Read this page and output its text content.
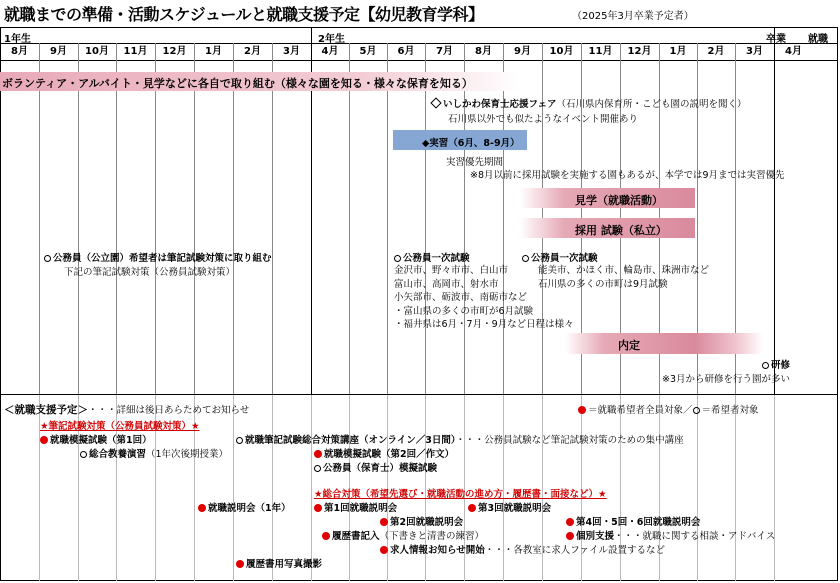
就職までの準備・活動スケジュールと就職支援予定【幼児教育学科】	（2025年3月卒業予定者）
1年生	2年生	卒業 就職
8月	9月	10月	11月	12月	1月	2月	3月	4月	5月	6月	7月	8月	9月	10月	11月	12月	1月	2月	3月	4月
ボランティア・アルバイト・見学などに各自で取り組む（様々な園を知る・様々な保育を知る）
いしかわ保育士応援フェア（石川県内保育所・こども園の説明を聞く）
石川県以外でも似たようなイベント開催あり
◆実習（6月、8-9月）
実習優先期間
※8月以前に採用試験を実施する園もあるが、本学では9月までは実習優先
見学（就職活動）
採用 試験（私立）
公務員（公立園）希望者は筆記試験対策に取り組む
下記の筆記試験対策（公務員試験対策）
公務員一次試験
金沢市、野々市市、白山市
富山市、高岡市、射水市
小矢部市、砺波市、南砺市など
・富山県の多くの市町が6月試験
・福井県は6月・7月・9月など日程は様々
公務員一次試験
能美市、かほく市、輪島市、珠洲市など
石川県の多くの市町は9月試験
内定
研修
※3月から研修を行う園が多い
＜就職支援予定＞・・・詳細は後日あらためてお知らせ	＝就職希望者全員対象／ ＝希望者対象
★筆記試験対策（公務員試験対策）★
就職模擬試験（第1回）	就職筆記試験総合対策講座（オンライン／3日間）・・・公務員試験など筆記試験対策のための集中講座
総合教養演習（1年次後期授業）	就職模擬試験（第2回／作文）
公務員（保育士）模擬試験
★総合対策（希望先選び・就職活動の進め方・履歴書・面接など）★
就職説明会（1年）	第1回就職説明会	第3回就職説明会
第2回就職説明会	第4回・5回・6回就職説明会
履歴書記入（下書きと清書の練習）	個別支援・・・就職に関する相談・アドバイス
求人情報お知らせ開始・・・各教室に求人ファイル設置するなど
履歴書用写真撮影
